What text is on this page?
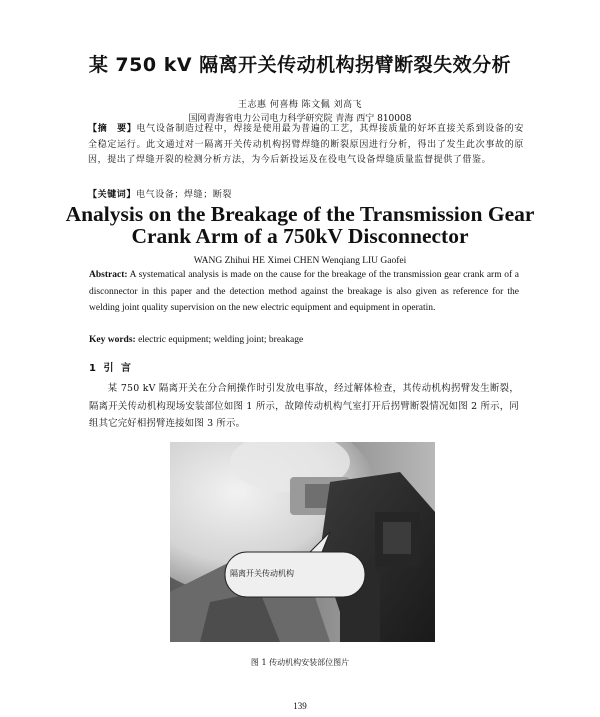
某 750 kV 隔离开关传动机构拐臂断裂失效分析
王志惠 何喜梅 陈文佩 刘高飞
国网青海省电力公司电力科学研究院 青海 西宁 810008
【摘　要】电气设备制造过程中，焊接是使用最为普遍的工艺，其焊接质量的好坏直接关系到设备的安全稳定运行。此文通过对一隔离开关传动机构拐臂焊缝的断裂原因进行分析，得出了发生此次事故的原因，提出了焊缝开裂的检测分析方法，为今后新投运及在役电气设备焊缝质量监督提供了借鉴。
【关键词】电气设备；焊缝；断裂
Analysis on the Breakage of the Transmission Gear
Crank Arm of a 750kV Disconnector
WANG Zhihui HE Ximei CHEN Wenqiang LIU Gaofei
Abstract: A systematical analysis is made on the cause for the breakage of the transmission gear crank arm of a disconnector in this paper and the detection method against the breakage is also given as reference for the welding joint quality supervision on the new electric equipment and equipment in operatin.
Key words: electric equipment; welding joint; breakage
1 引 言
某 750 kV 隔离开关在分合闸操作时引发放电事故，经过解体检查，其传动机构拐臂发生断裂，隔离开关传动机构现场安装部位如图 1 所示，故障传动机构气室打开后拐臂断裂情况如图 2 所示，同组其它完好相拐臂连接如图 3 所示。
隔离开关传动机构
图 1 传动机构安装部位图片
139
